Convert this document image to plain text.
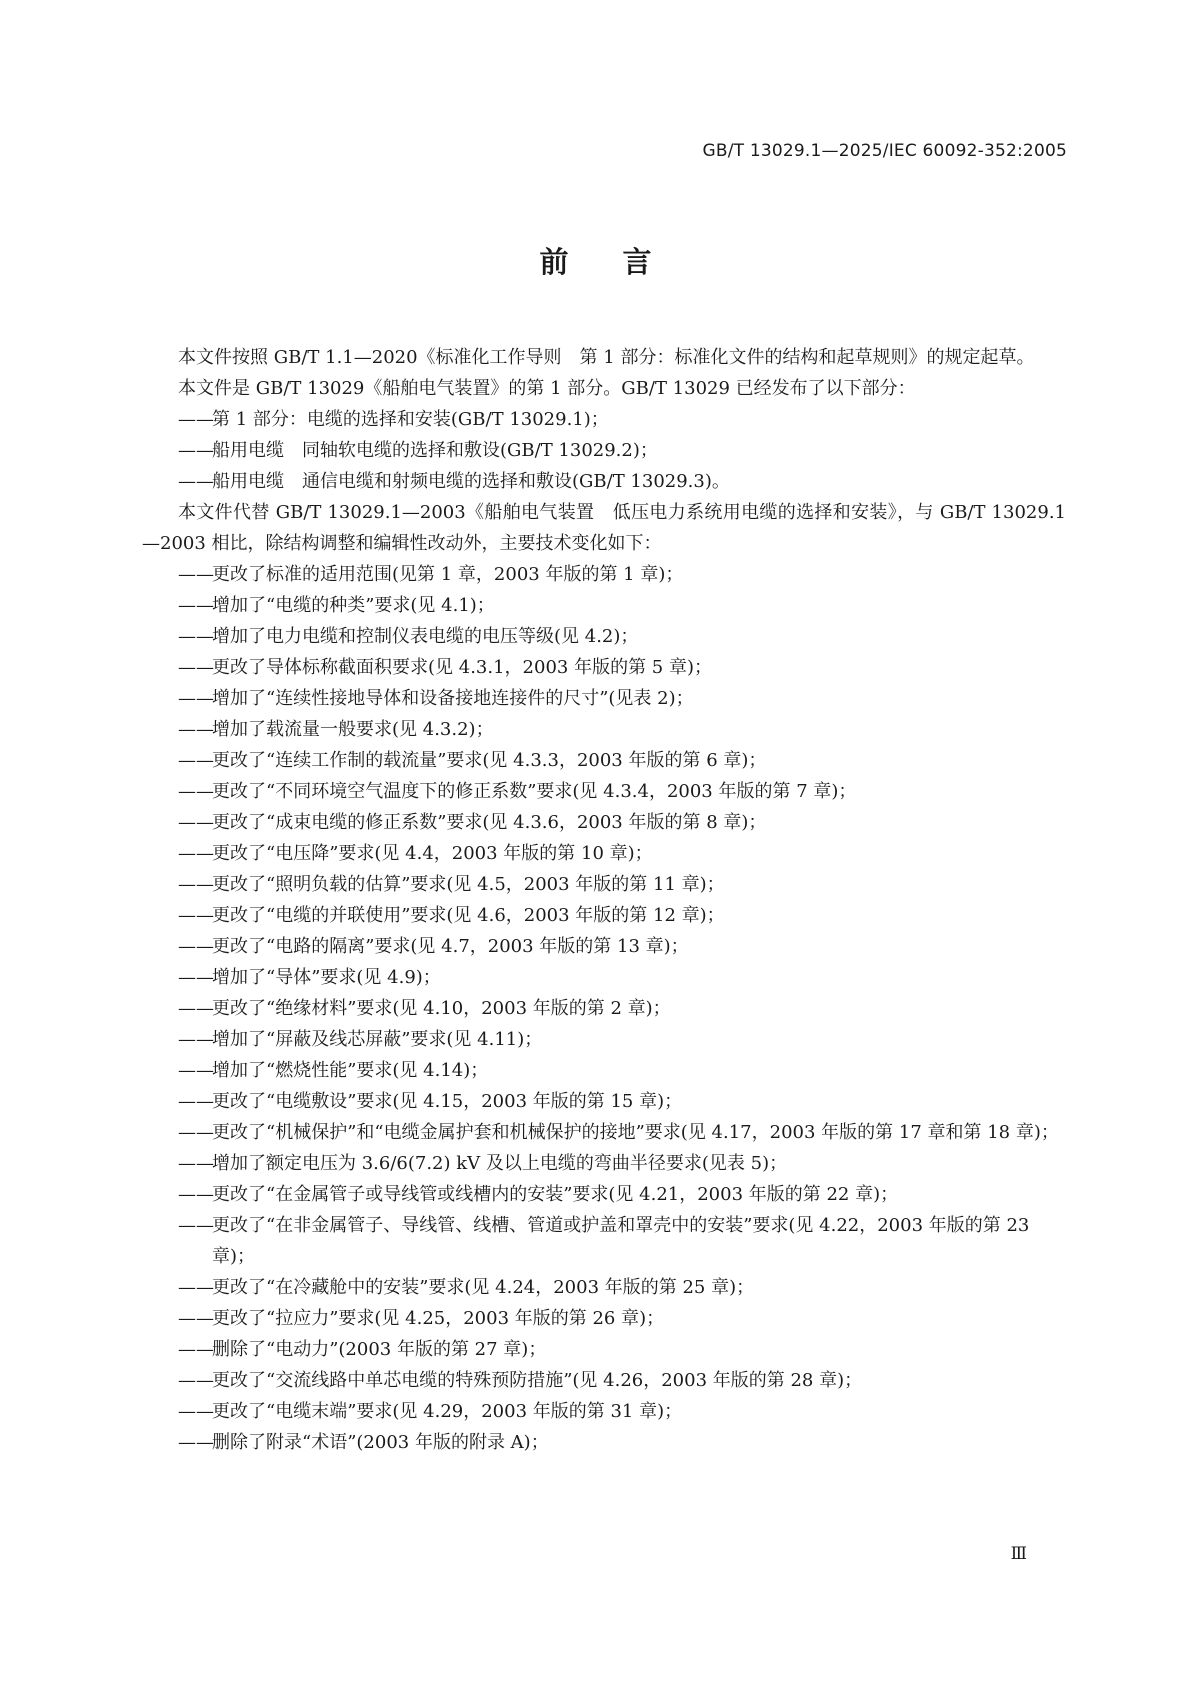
GB/T 13029.1—2025/IEC 60092-352:2005
前言

本文件按照 GB/T 1.1—2020《标准化工作导则　第 1 部分：标准化文件的结构和起草规则》的规定起草。

本文件是 GB/T 13029《船舶电气装置》的第 1 部分。GB/T 13029 已经发布了以下部分：

——
第 1 部分：电缆的选择和安装(GB/T 13029.1)；
——
船用电缆　同轴软电缆的选择和敷设(GB/T 13029.2)；
——
船用电缆　通信电缆和射频电缆的选择和敷设(GB/T 13029.3)。

本文件代替 GB/T 13029.1—2003《船舶电气装置　低压电力系统用电缆的选择和安装》，与 GB/T 13029.1—2003 相比，除结构调整和编辑性改动外，主要技术变化如下：

——
更改了标准的适用范围(见第 1 章，2003 年版的第 1 章)；
——
增加了“电缆的种类”要求(见 4.1)；
——
增加了电力电缆和控制仪表电缆的电压等级(见 4.2)；
——
更改了导体标称截面积要求(见 4.3.1，2003 年版的第 5 章)；
——
增加了“连续性接地导体和设备接地连接件的尺寸”(见表 2)；
——
增加了载流量一般要求(见 4.3.2)；
——
更改了“连续工作制的载流量”要求(见 4.3.3，2003 年版的第 6 章)；
——
更改了“不同环境空气温度下的修正系数”要求(见 4.3.4，2003 年版的第 7 章)；
——
更改了“成束电缆的修正系数”要求(见 4.3.6，2003 年版的第 8 章)；
——
更改了“电压降”要求(见 4.4，2003 年版的第 10 章)；
——
更改了“照明负载的估算”要求(见 4.5，2003 年版的第 11 章)；
——
更改了“电缆的并联使用”要求(见 4.6，2003 年版的第 12 章)；
——
更改了“电路的隔离”要求(见 4.7，2003 年版的第 13 章)；
——
增加了“导体”要求(见 4.9)；
——
更改了“绝缘材料”要求(见 4.10，2003 年版的第 2 章)；
——
增加了“屏蔽及线芯屏蔽”要求(见 4.11)；
——
增加了“燃烧性能”要求(见 4.14)；
——
更改了“电缆敷设”要求(见 4.15，2003 年版的第 15 章)；
——
更改了“机械保护”和“电缆金属护套和机械保护的接地”要求(见 4.17，2003 年版的第 17 章和第 18 章)；
——
增加了额定电压为 3.6/6(7.2) kV 及以上电缆的弯曲半径要求(见表 5)；
——
更改了“在金属管子或导线管或线槽内的安装”要求(见 4.21，2003 年版的第 22 章)；
——
更改了“在非金属管子、导线管、线槽、管道或护盖和罩壳中的安装”要求(见 4.22，2003 年版的第 23 章)；
——
更改了“在冷藏舱中的安装”要求(见 4.24，2003 年版的第 25 章)；
——
更改了“拉应力”要求(见 4.25，2003 年版的第 26 章)；
——
删除了“电动力”(2003 年版的第 27 章)；
——
更改了“交流线路中单芯电缆的特殊预防措施”(见 4.26，2003 年版的第 28 章)；
——
更改了“电缆末端”要求(见 4.29，2003 年版的第 31 章)；
——
删除了附录“术语”(2003 年版的附录 A)；
Ⅲ
